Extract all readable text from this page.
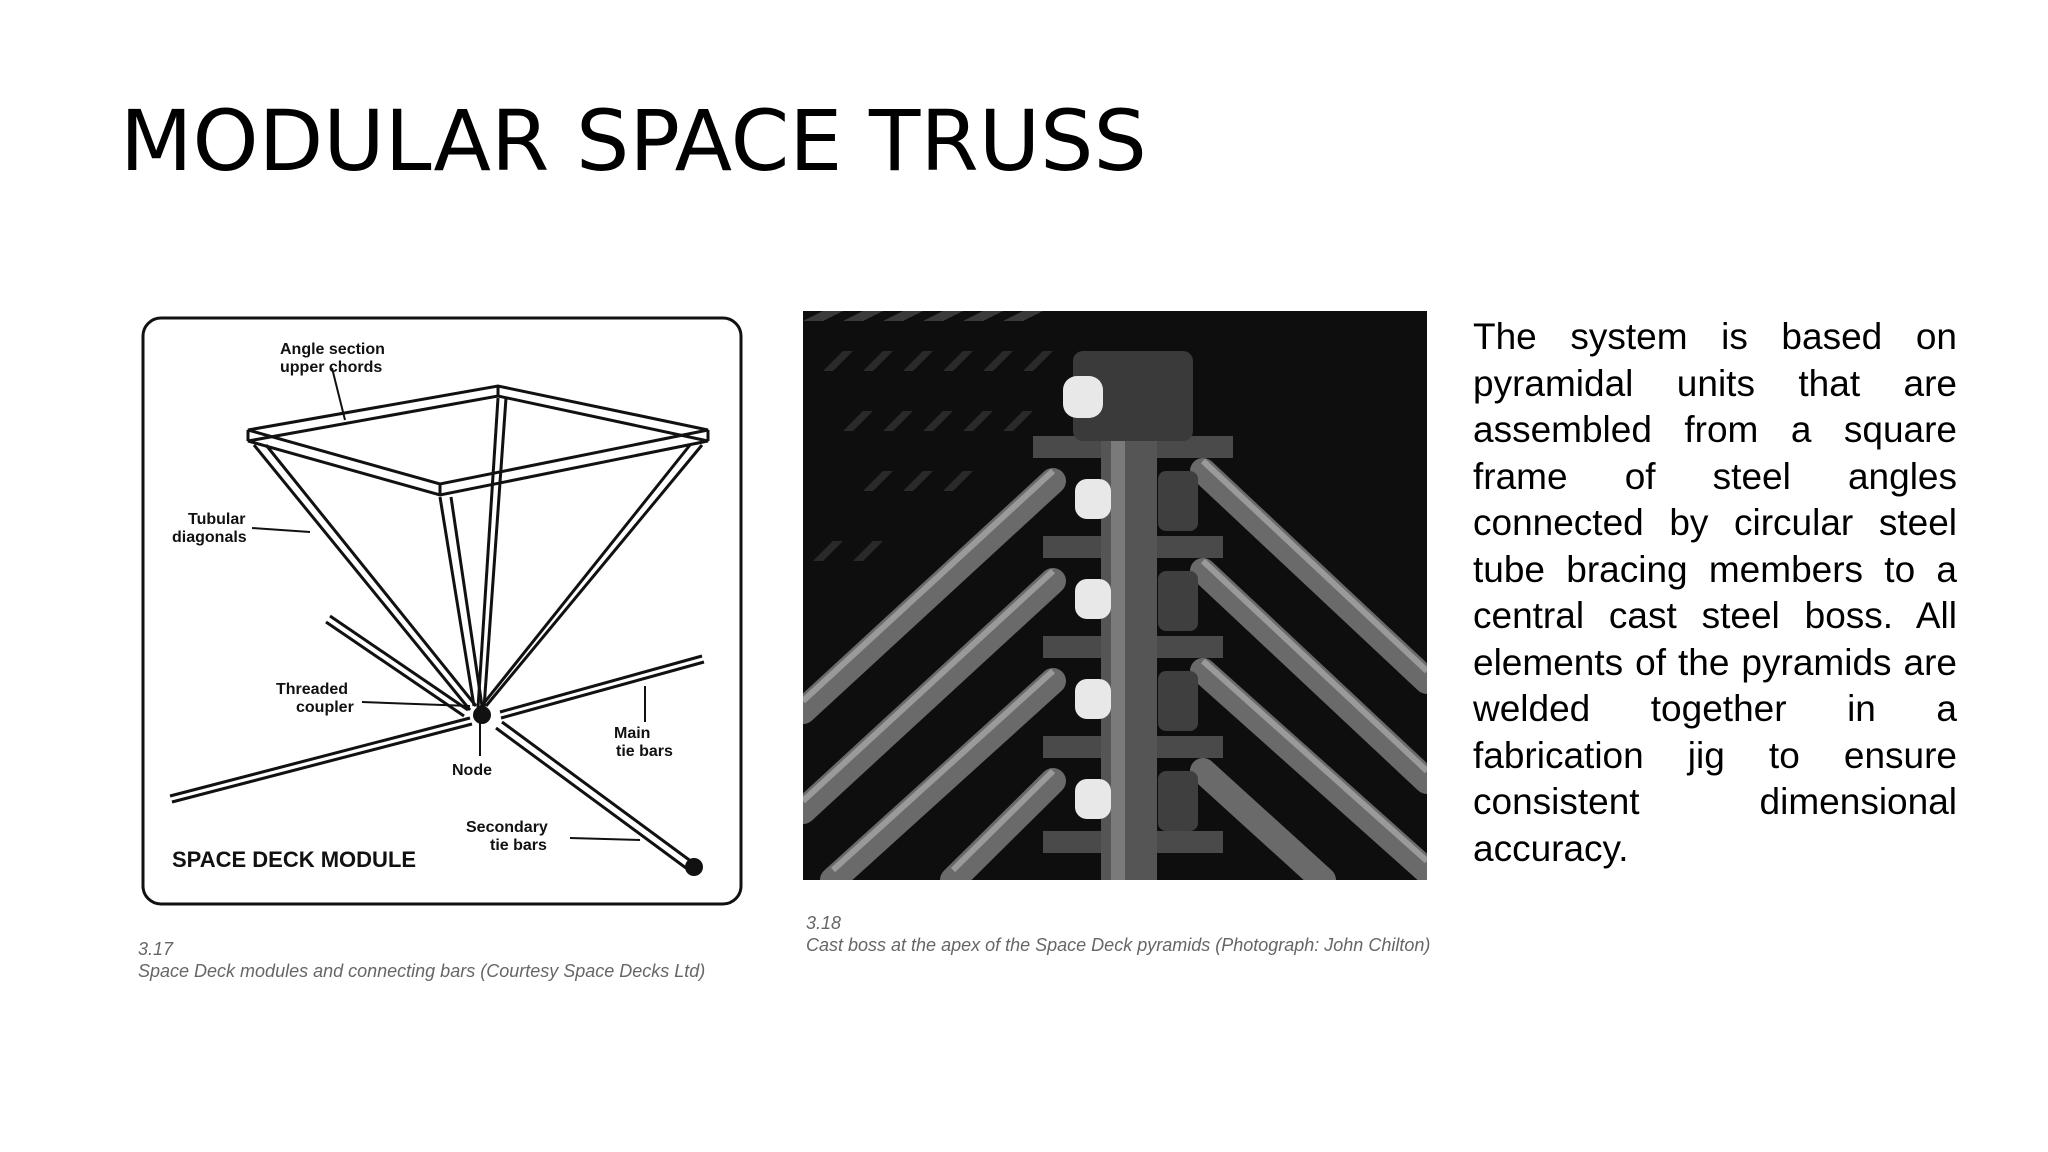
MODULAR SPACE TRUSS
Angle section
upper chords
Tubular
diagonals
Threaded
coupler
Node
Main
tie bars
Secondary
tie bars
SPACE DECK MODULE
3.17
Space Deck modules and connecting bars (Courtesy Space Decks Ltd)
3.18
Cast boss at the apex of the Space Deck pyramids (Photograph: John Chilton)

The system is based on pyramidal units that are assembled from a square frame of steel angles connected by circular steel tube bracing members to a central cast steel boss. All elements of the pyramids are welded together in a fabrication jig to ensure consistent dimensional accuracy.
